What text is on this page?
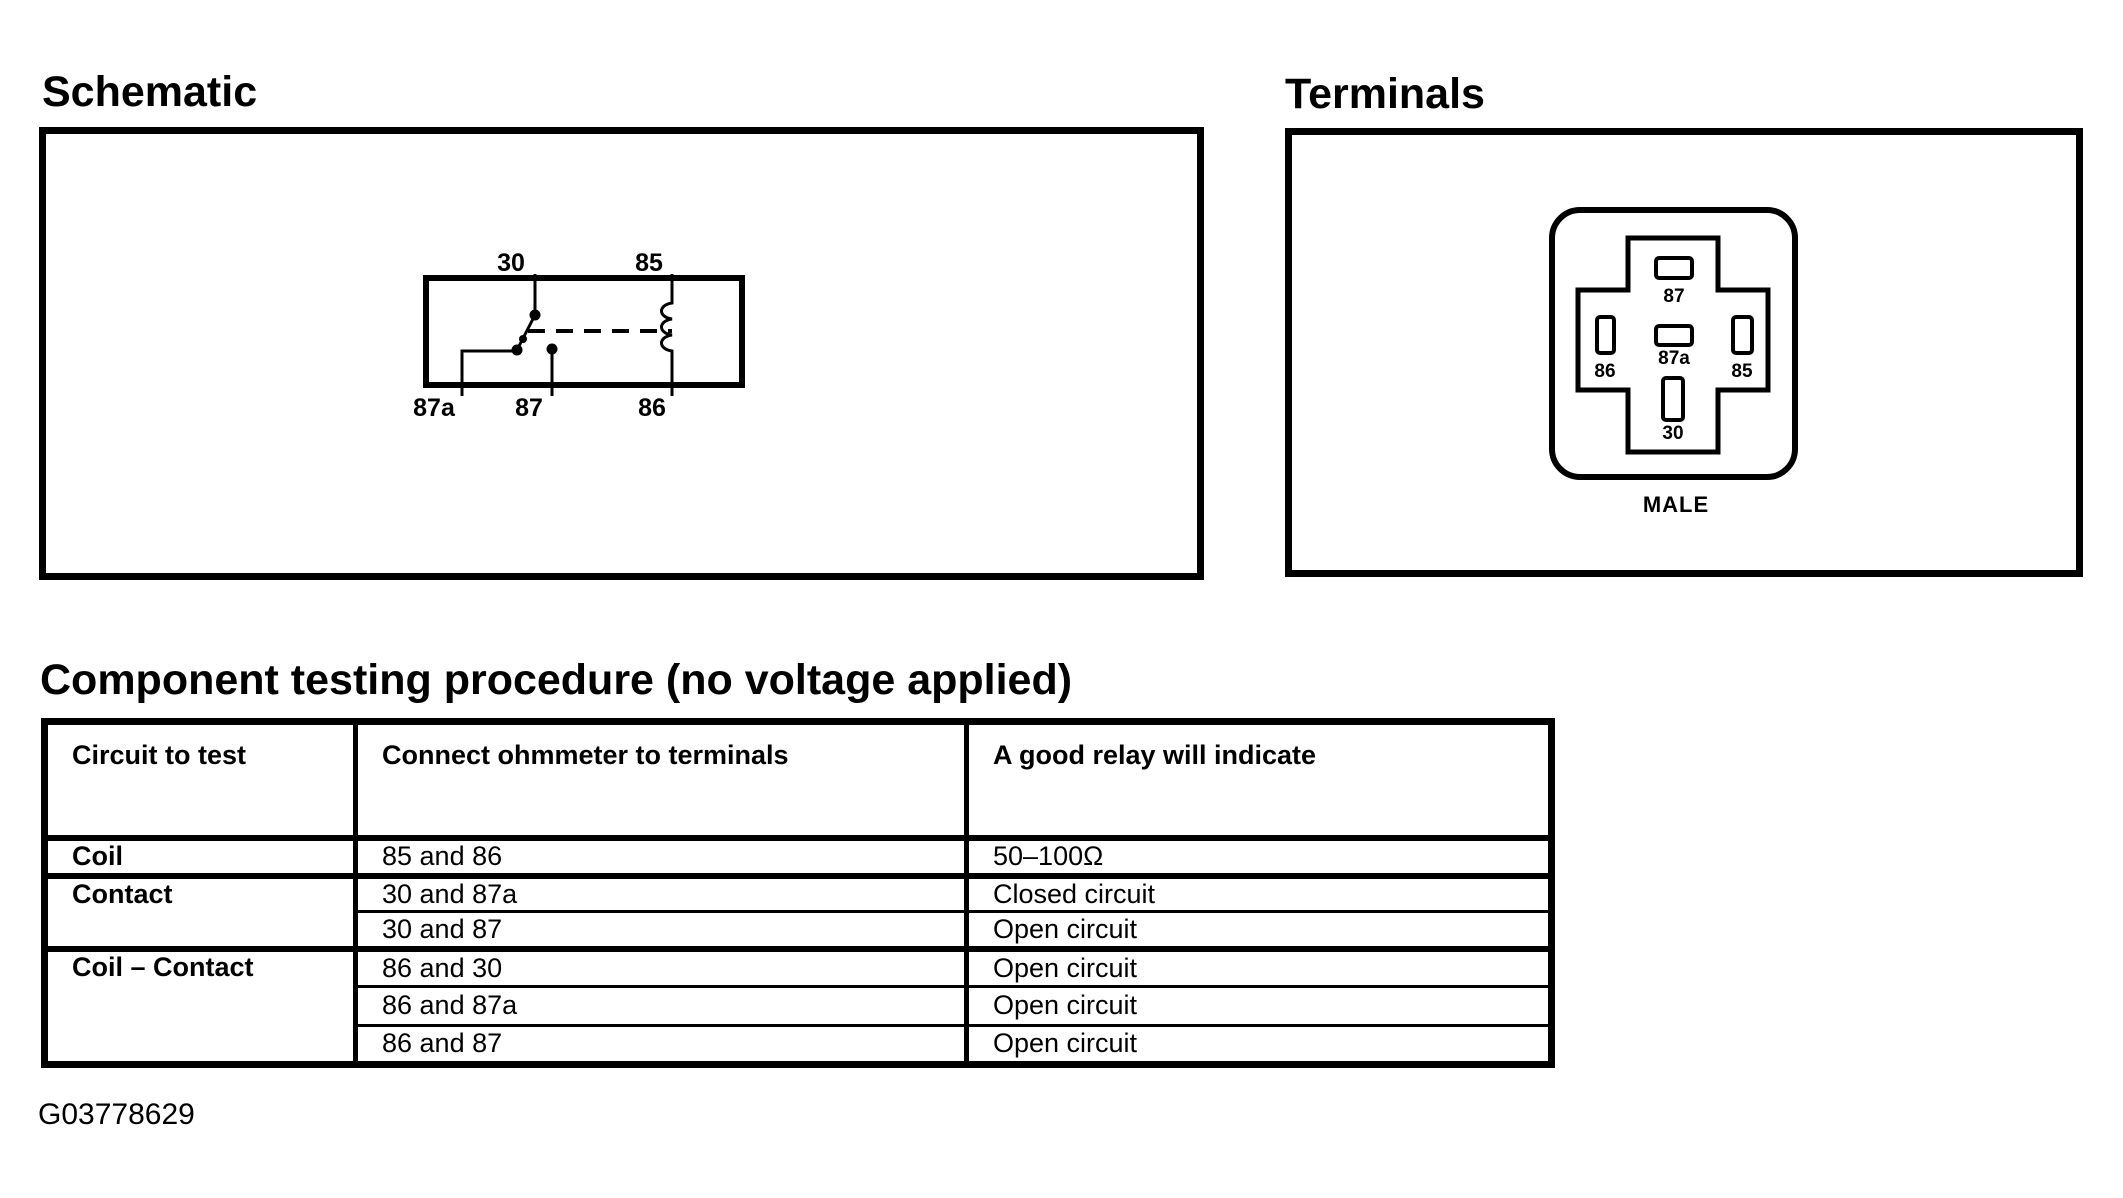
Schematic	Terminals
Component testing procedure (no voltage applied)
30	85
87a 87	86
87
87a
86	85
30
MALE
Circuit to test	Connect ohmmeter to terminals	A good relay will indicate
Coil	85 and 86	50–100Ω
Contact	30 and 87a	Closed circuit
	30 and 87	Open circuit
Coil – Contact	86 and 30	Open circuit
	86 and 87a	Open circuit
	86 and 87	Open circuit
G03778629
